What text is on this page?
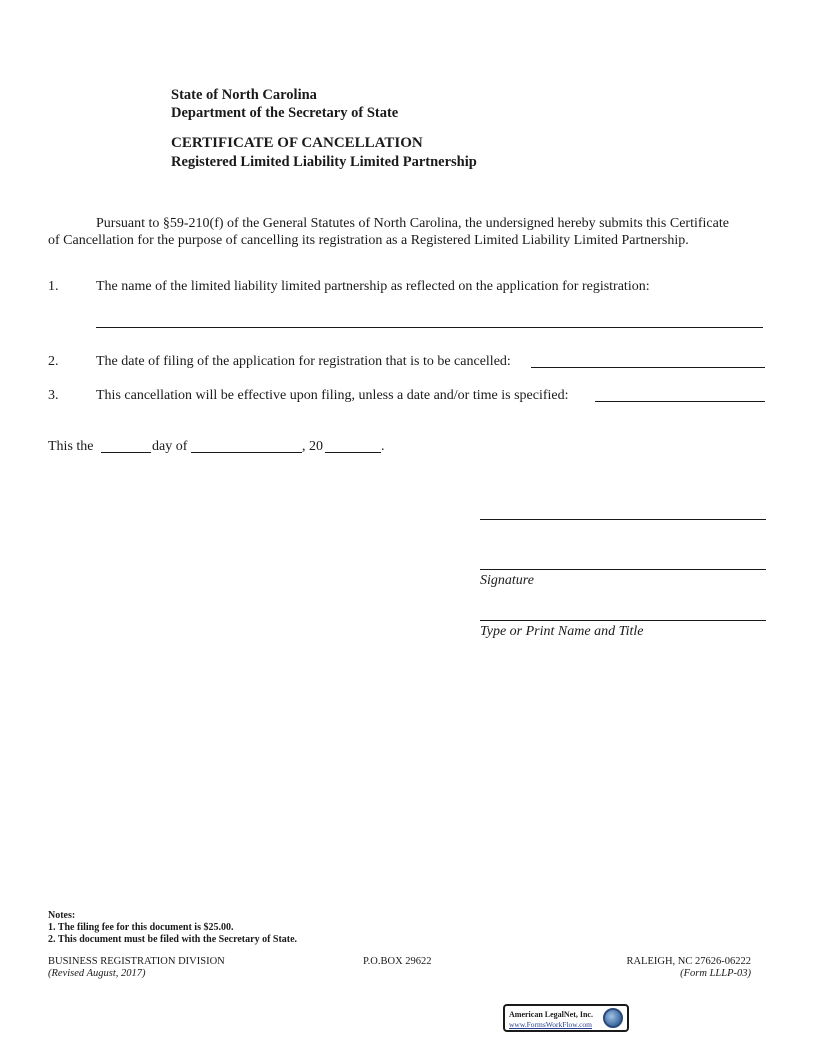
State of North Carolina
Department of the Secretary of State
CERTIFICATE OF CANCELLATION
Registered Limited Liability Limited Partnership
Pursuant to §59-210(f) of the General Statutes of North Carolina, the undersigned hereby submits this Certificate
of Cancellation for the purpose of cancelling its registration as a Registered Limited Liability Limited Partnership.
1.	The name of the limited liability limited partnership as reflected on the application for registration:
2.	The date of filing of the application for registration that is to be cancelled:
3.	This cancellation will be effective upon filing, unless a date and/or time is specified:
This the	day of	, 20	.
Signature
Type or Print Name and Title
Notes:
1. The filing fee for this document is $25.00.
2. This document must be filed with the Secretary of State.
BUSINESS REGISTRATION DIVISION	P.O.BOX 29622	RALEIGH, NC 27626-06222
(Revised August, 2017)	(Form LLLP-03)
American LegalNet, Inc.
www.FormsWorkFlow.com
